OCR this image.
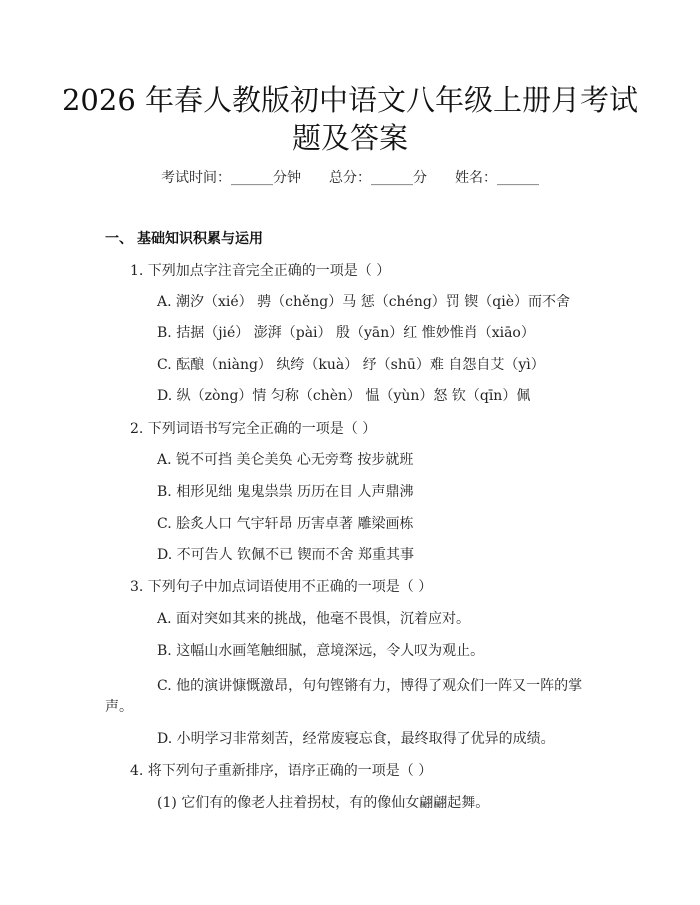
2026 年春人教版初中语文八年级上册月考试
题及答案
考试时间：______分钟 总分：______分 姓名：______
一、 基础知识积累与运用
1. 下列加点字注音完全正确的一项是（ ）
A. 潮汐（xié） 骋（chěng）马 惩（chéng）罚 锲（qiè）而不舍
B. 拮据（jié） 澎湃（pài） 殷（yān）红 惟妙惟肖（xiāo）
C. 酝酿（niàng） 纨绔（kuà） 纾（shū）难 自怨自艾（yì）
D. 纵（zòng）情 匀称（chèn） 愠（yùn）怒 钦（qīn）佩
2. 下列词语书写完全正确的一项是（ ）
A. 锐不可挡 美仑美奂 心无旁骛 按步就班
B. 相形见绌 鬼鬼祟祟 历历在目 人声鼎沸
C. 脍炙人口 气宇轩昂 历害卓著 雕梁画栋
D. 不可告人 钦佩不已 锲而不舍 郑重其事
3. 下列句子中加点词语使用不正确的一项是（ ）
A. 面对突如其来的挑战，他毫不畏惧，沉着应对。
B. 这幅山水画笔触细腻，意境深远，令人叹为观止。
C. 他的演讲慷慨激昂，句句铿锵有力，博得了观众们一阵又一阵的掌
声。
D. 小明学习非常刻苦，经常废寝忘食，最终取得了优异的成绩。
4. 将下列句子重新排序，语序正确的一项是（ ）
(1) 它们有的像老人拄着拐杖，有的像仙女翩翩起舞。
